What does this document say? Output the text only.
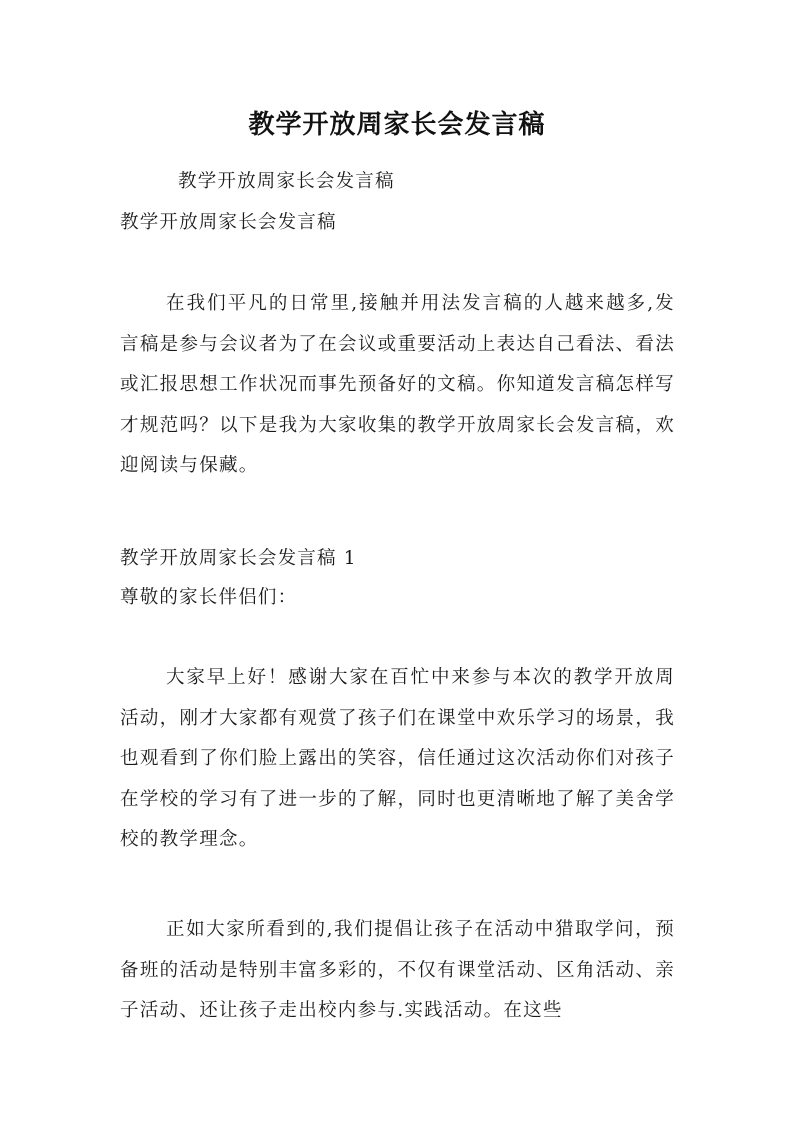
教学开放周家长会发言稿
教学开放周家长会发言稿
教学开放周家长会发言稿
在我们平凡的日常里,接触并用法发言稿的人越来越多,发言稿是参与会议者为了在会议或重要活动上表达自己看法、看法或汇报思想工作状况而事先预备好的文稿。你知道发言稿怎样写才规范吗？以下是我为大家收集的教学开放周家长会发言稿，欢迎阅读与保藏。
教学开放周家长会发言稿 1
尊敬的家长伴侣们：
大家早上好！感谢大家在百忙中来参与本次的教学开放周活动，刚才大家都有观赏了孩子们在课堂中欢乐学习的场景，我也观看到了你们脸上露出的笑容，信任通过这次活动你们对孩子在学校的学习有了进一步的了解，同时也更清晰地了解了美舍学校的教学理念。
正如大家所看到的,我们提倡让孩子在活动中猎取学问，预备班的活动是特别丰富多彩的，不仅有课堂活动、区角活动、亲子活动、还让孩子走出校内参与.实践活动。在这些
